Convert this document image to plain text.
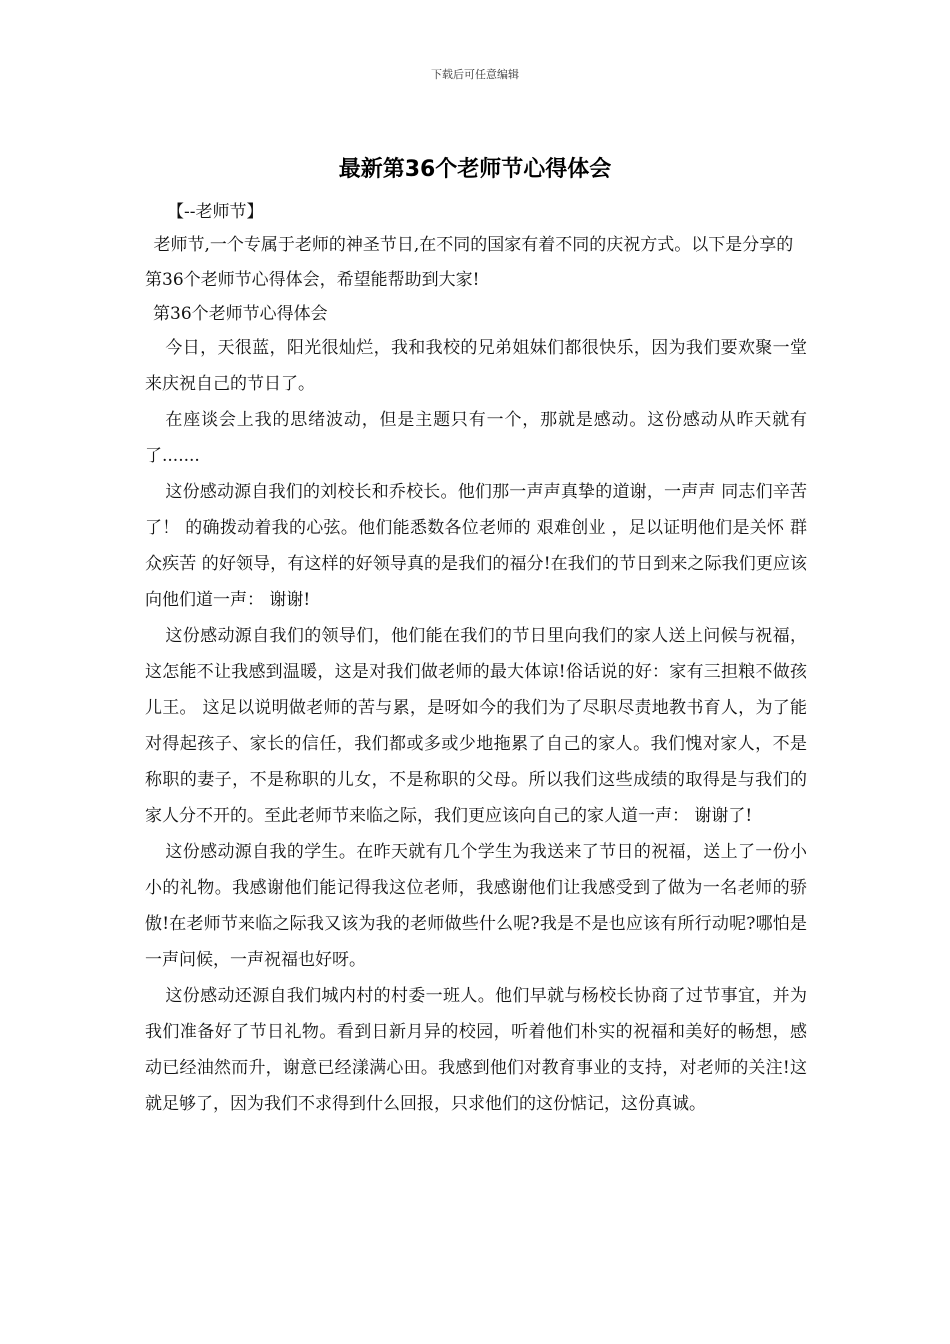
下载后可任意编辑
最新第36个老师节心得体会

【--老师节】

老师节,一个专属于老师的神圣节日,在不同的国家有着不同的庆祝方式。以下是分享的第36个老师节心得体会，希望能帮助到大家!

第36个老师节心得体会

今日，天很蓝，阳光很灿烂，我和我校的兄弟姐妹们都很快乐，因为我们要欢聚一堂来庆祝自己的节日了。

在座谈会上我的思绪波动，但是主题只有一个，那就是感动。这份感动从昨天就有了.......

这份感动源自我们的刘校长和乔校长。他们那一声声真挚的道谢，一声声 同志们辛苦了！ 的确拨动着我的心弦。他们能悉数各位老师的 艰难创业 ，足以证明他们是关怀 群众疾苦 的好领导，有这样的好领导真的是我们的福分!在我们的节日到来之际我们更应该向他们道一声： 谢谢!

这份感动源自我们的领导们，他们能在我们的节日里向我们的家人送上问候与祝福，这怎能不让我感到温暖，这是对我们做老师的最大体谅!俗话说的好：家有三担粮不做孩儿王。 这足以说明做老师的苦与累，是呀如今的我们为了尽职尽责地教书育人，为了能对得起孩子、家长的信任，我们都或多或少地拖累了自己的家人。我们愧对家人，不是称职的妻子，不是称职的儿女，不是称职的父母。所以我们这些成绩的取得是与我们的家人分不开的。至此老师节来临之际，我们更应该向自己的家人道一声： 谢谢了!

这份感动源自我的学生。在昨天就有几个学生为我送来了节日的祝福，送上了一份小小的礼物。我感谢他们能记得我这位老师，我感谢他们让我感受到了做为一名老师的骄傲!在老师节来临之际我又该为我的老师做些什么呢?我是不是也应该有所行动呢?哪怕是一声问候，一声祝福也好呀。

这份感动还源自我们城内村的村委一班人。他们早就与杨校长协商了过节事宜，并为我们准备好了节日礼物。看到日新月异的校园，听着他们朴实的祝福和美好的畅想，感动已经油然而升，谢意已经漾满心田。我感到他们对教育事业的支持，对老师的关注!这就足够了，因为我们不求得到什么回报，只求他们的这份惦记，这份真诚。
